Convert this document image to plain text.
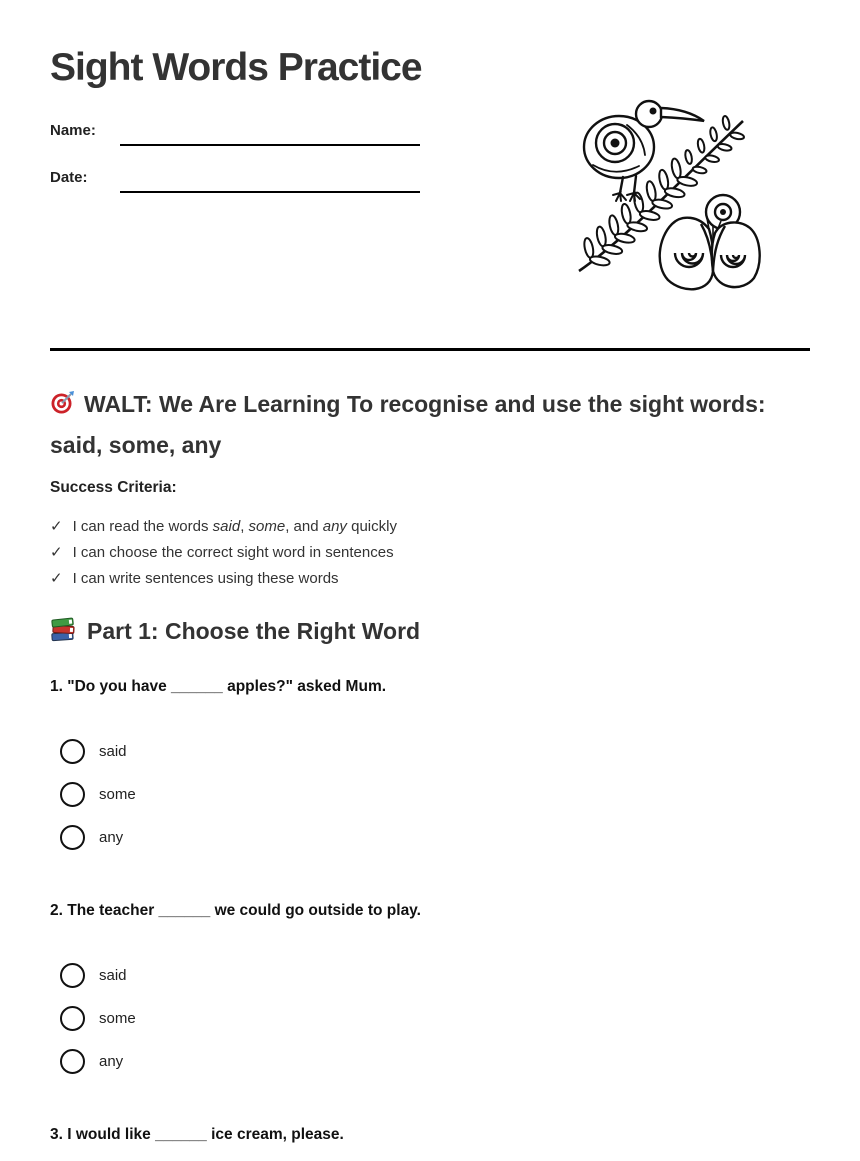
Sight Words Practice
Name:
Date:
WALT: We Are Learning To recognise and use the sight words: said, some, any
Success Criteria:
✓ I can read the words said, some, and any quickly
✓ I can choose the correct sight word in sentences
✓ I can write sentences using these words
Part 1: Choose the Right Word
1. "Do you have ______ apples?" asked Mum.
said
some
any
2. The teacher ______ we could go outside to play.
said
some
any
3. I would like ______ ice cream, please.
